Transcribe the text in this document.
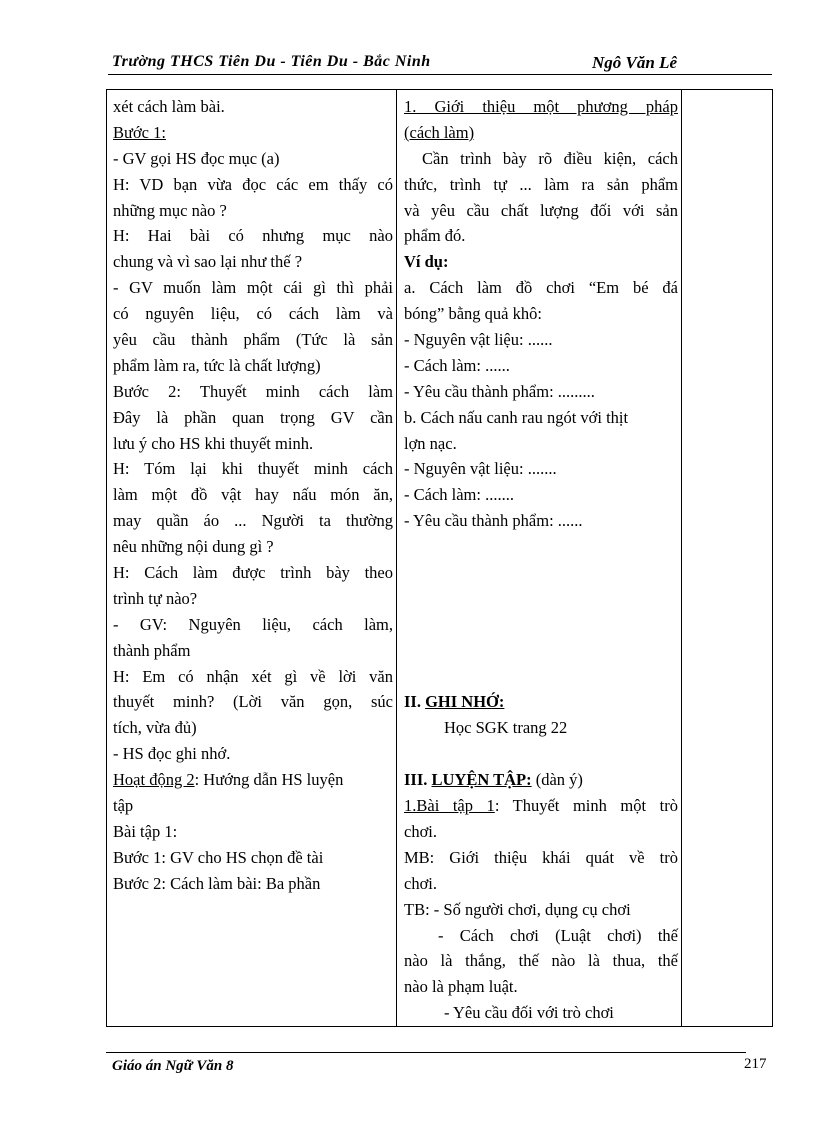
Trường THCS Tiên Du - Tiên Du - Bắc Ninh	Ngô Văn Lê
xét cách làm bài.
Bước 1:
- GV gọi HS đọc mục (a)
H: VD bạn vừa đọc các em thấy có
những mục nào ?
H: Hai bài có nhưng mục nào
chung và vì sao lại như thế ?
- GV muốn làm một cái gì thì phải
có nguyên liệu, có cách làm và
yêu cầu thành phẩm (Tức là sản
phẩm làm ra, tức là chất lượng)
Bước 2: Thuyết minh cách làm
Đây là phần quan trọng GV cần
lưu ý cho HS khi thuyết minh.
H: Tóm lại khi thuyết minh cách
làm một đồ vật hay nấu món ăn,
may quần áo ... Người ta thường
nêu những nội dung gì ?
H: Cách làm được trình bày theo
trình tự nào?
- GV: Nguyên liệu, cách làm,
thành phẩm
H: Em có nhận xét gì về lời văn
thuyết minh? (Lời văn gọn, súc
tích, vừa đủ)
- HS đọc ghi nhớ.
Hoạt động 2: Hướng dẫn HS luyện
tập
Bài tập 1:
Bước 1: GV cho HS chọn đề tài
Bước 2: Cách làm bài: Ba phần
1. Giới thiệu một phương pháp
(cách làm)
Cần trình bày rõ điều kiện, cách
thức, trình tự ... làm ra sản phẩm
và yêu cầu chất lượng đối với sản
phẩm đó.
Ví dụ:
a. Cách làm đồ chơi “Em bé đá
bóng” bằng quả khô:
- Nguyên vật liệu: ......
- Cách làm: ......
- Yêu cầu thành phẩm: .........
b. Cách nấu canh rau ngót với thịt
lợn nạc.
- Nguyên vật liệu: .......
- Cách làm: .......
- Yêu cầu thành phẩm: ......
II. GHI NHỚ:
Học SGK trang 22
III. LUYỆN TẬP: (dàn ý)
1.Bài tập 1: Thuyết minh một trò
chơi.
MB: Giới thiệu khái quát về trò
chơi.
TB: - Số người chơi, dụng cụ chơi
- Cách chơi (Luật chơi) thế
nào là thắng, thế nào là thua, thế
nào là phạm luật.
- Yêu cầu đối với trò chơi
Giáo án Ngữ Văn 8	217
